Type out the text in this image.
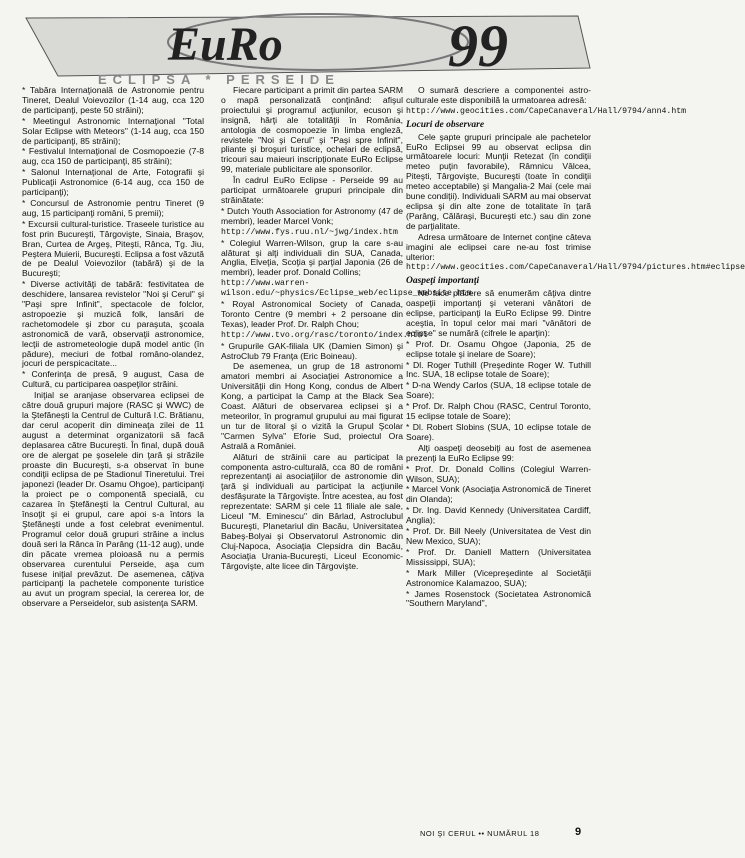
EuRo	99
ECLIPSA * PERSEIDE

* Tabăra Internaţională de Astronomie pentru Tineret, Dealul Voievozilor (1-14 aug, cca 120 de participanţi, peste 50 străini);

* Meetingul Astronomic Internaţional "Total Solar Eclipse with Meteors" (1-14 aug, cca 150 de participanţi, 85 străini);

* Festivalul Internaţional de Cosmopoezie (7-8 aug, cca 150 de participanţi, 85 străini);

* Salonul Internaţional de Arte, Fotografii şi Publicaţii Astronomice (6-14 aug, cca 150 de participanţi);

* Concursul de Astronomie pentru Tineret (9 aug, 15 participanţi români, 5 premii);

* Excursii cultural-turistice. Traseele turistice au fost prin Bucureşti, Târgovişte, Sinaia, Braşov, Bran, Curtea de Argeş, Piteşti, Rânca, Tg. Jiu, Peştera Muierii, Bucureşti. Eclipsa a fost văzută de pe Dealul Voievozilor (tabără) şi de la Bucureşti;

* Diverse activităţi de tabără: festivitatea de deschidere, lansarea revistelor "Noi şi Cerul" şi "Paşi spre Infinit", spectacole de folclor, astropoezie şi muzică folk, lansări de rachetomodele şi zbor cu paraşuta, şcoala astronomică de vară, observaţii astronomice, lecţii de astrometeologie după model antic (în pădure), meciuri de fotbal româno-olandez, jocuri de perspicacitate...

* Conferinţa de presă, 9 august, Casa de Cultură, cu participarea oaspeţilor străini.

Iniţial se aranjase observarea eclipsei de către două grupuri majore (RASC şi WWC) de la Ştefăneşti la Centrul de Cultură I.C. Brătianu, dar cerul acoperit din dimineaţa zilei de 11 august a determinat organizatorii să facă deplasarea către Bucureşti. În final, după două ore de alergat pe şoselele din ţară şi străzile proaste din Bucureşti, s-a observat în bune condiţii eclipsa de pe Stadionul Tineretului. Trei japonezi (leader Dr. Osamu Ohgoe), participanţi la proiect pe o componentă specială, cu cazarea în Ştefăneşti la Centrul Cultural, au însoţit şi ei grupul, care apoi s-a întors la Ştefăneşti unde a fost celebrat evenimentul. Programul celor două grupuri străine a inclus două seri la Rânca în Parâng (11-12 aug), unde din păcate vremea ploioasă nu a permis observarea curentului Perseide, aşa cum fusese iniţial prevăzut. De asemenea, câţiva participanţi la pachetele componente turistice au avut un program special, la cererea lor, de observare a Perseidelor, sub asistenţa SARM.

Fiecare participant a primit din partea SARM o mapă personalizată conţinând: afişul proiectului şi programul acţiunilor, ecuson şi insignă, hărţi ale totalităţii în România, antologia de cosmopoezie în limba engleză, revistele "Noi şi Cerul" şi "Paşi spre Infinit", pliante şi broşuri turistice, ochelari de eclipsă, tricouri sau maieuri inscripţionate EuRo Eclipse 99, materiale publicitare ale sponsorilor.

În cadrul EuRo Eclipse - Perseide 99 au participat următoarele grupuri principale din străinătate:

* Dutch Youth Association for Astronomy (47 de membri), leader Marcel Vonk;

http://www.fys.ruu.nl/~jwg/index.htm

* Colegiul Warren-Wilson, grup la care s-au alăturat şi alţi individuali din SUA, Canada, Anglia, Elveţia, Scoţia şi parţial Japonia (26 de membri), leader prof. Donald Collins;

http://www.warren-wilson.edu/~physics/Eclipse_web/eclipse_website.htm

* Royal Astronomical Society of Canada, Toronto Centre (9 membri + 2 persoane din Texas), leader Prof. Dr. Ralph Chou;

http://www.tvo.org/rasc/toronto/index.html

* Grupurile GAK-filiala UK (Damien Simon) şi AstroClub 79 Franţa (Eric Boineau).

De asemenea, un grup de 18 astronomi amatori membri ai Asociaţiei Astronomice a Universităţii din Hong Kong, condus de Albert Kong, a participat la Camp at the Black Sea Coast. Alături de observarea eclipsei şi a meteorilor, în programul grupului au mai figurat un tur de litoral şi o vizită la Grupul Şcolar "Carmen Sylva" Eforie Sud, proiectul Ora Astrală a României.

Alături de străinii care au participat la componenta astro-culturală, cca 80 de români reprezentanţi ai asociaţiilor de astronomie din ţară şi individuali au participat la acţiunile desfăşurate la Târgovişte. Între acestea, au fost reprezentate: SARM şi cele 11 filiale ale sale, Liceul "M. Eminescu" din Bârlad, Astroclubul Bucureşti, Planetariul din Bacău, Universitatea Babeş-Bolyai şi Observatorul Astronomic din Cluj-Napoca, Asociaţia Clepsidra din Bacău, Asociaţia Urania-Bucureşti, Liceul Economic-Târgovişte, alte licee din Târgovişte.

O sumară descriere a componentei astro-culturale este disponibilă la urmatoarea adresă:

http://www.geocities.com/CapeCanaveral/Hall/9794/ann4.htm

Locuri de observare

Cele şapte grupuri principale ale pachetelor EuRo Eclipsei 99 au observat eclipsa din următoarele locuri: Munţii Retezat (în condiţii meteo puţin favorabile), Râmnicu Vâlcea, Piteşti, Târgovişte, Bucureşti (toate în condiţii meteo acceptabile) şi Mangalia-2 Mai (cele mai bune condiţii). Individuali SARM au mai observat eclipsa şi din alte zone de totalitate în ţară (Parâng, Călăraşi, Bucureşti etc.) sau din zone de parţialitate.

Adresa următoare de Internet conţine câteva imagini ale eclipsei care ne-au fost trimise ulterior:

http://www.geocities.com/CapeCanaveral/Hall/9794/pictures.htm#eclipse

Oaspeţi importanţi

Ne face plăcere să enumerăm câţiva dintre oaspeţii importanţi şi veterani vânători de eclipse, participanţi la EuRo Eclipse 99. Dintre aceştia, în topul celor mai mari "vânători de eclipse" se numără (cifrele le aparţin):

* Prof. Dr. Osamu Ohgoe (Japonia, 25 de eclipse totale şi inelare de Soare);

* Dl. Roger Tuthill (Preşedinte Roger W. Tuthill Inc. SUA, 18 eclipse totale de Soare);

* D-na Wendy Carlos (SUA, 18 eclipse totale de Soare);

* Prof. Dr. Ralph Chou (RASC, Centrul Toronto, 15 eclipse totale de Soare);

* Dl. Robert Slobins (SUA, 10 eclipse totale de Soare).

Alţi oaspeţi deosebiţi au fost de asemenea prezenţi la EuRo Eclipse 99:

* Prof. Dr. Donald Collins (Colegiul Warren-Wilson, SUA);

* Marcel Vonk (Asociaţia Astronomică de Tineret din Olanda);

* Dr. Ing. David Kennedy (Universitatea Cardiff, Anglia);

* Prof. Dr. Bill Neely (Universitatea de Vest din New Mexico, SUA);

* Prof. Dr. Daniell Mattern (Universitatea Mississippi, SUA);

* Mark Miller (Vicepreşedinte al Societăţii Astronomice Kalamazoo, SUA);

* James Rosenstock (Societatea Astronomică "Southern Maryland",

NOI ŞI CERUL •• NUMĂRUL 18	9
